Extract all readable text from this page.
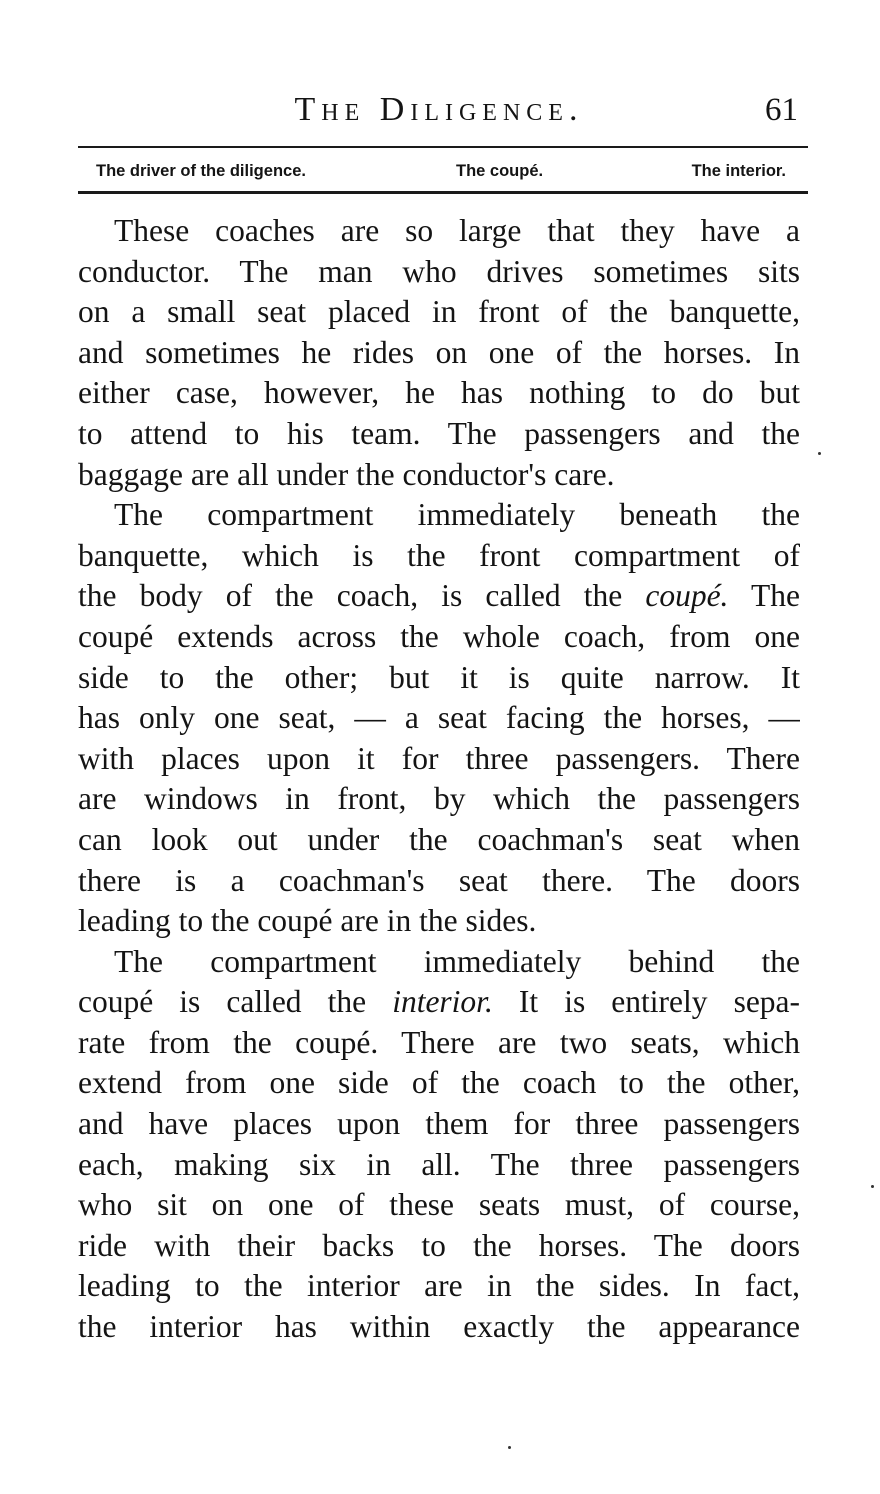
The Diligence.	61
The driver of the diligence.	The coupé.	The interior.
These coaches are so large that they have a
conductor. The man who drives sometimes sits
on a small seat placed in front of the banquette,
and sometimes he rides on one of the horses. In
either case, however, he has nothing to do but
to attend to his team. The passengers and the
baggage are all under the conductor's care.
The compartment immediately beneath the
banquette, which is the front compartment of
the body of the coach, is called the coupé. The
coupé extends across the whole coach, from one
side to the other; but it is quite narrow. It
has only one seat, — a seat facing the horses, —
with places upon it for three passengers. There
are windows in front, by which the passengers
can look out under the coachman's seat when
there is a coachman's seat there. The doors
leading to the coupé are in the sides.
The compartment immediately behind the
coupé is called the interior. It is entirely sepa-
rate from the coupé. There are two seats, which
extend from one side of the coach to the other,
and have places upon them for three passengers
each, making six in all. The three passengers
who sit on one of these seats must, of course,
ride with their backs to the horses. The doors
leading to the interior are in the sides. In fact,
the interior has within exactly the appearance
